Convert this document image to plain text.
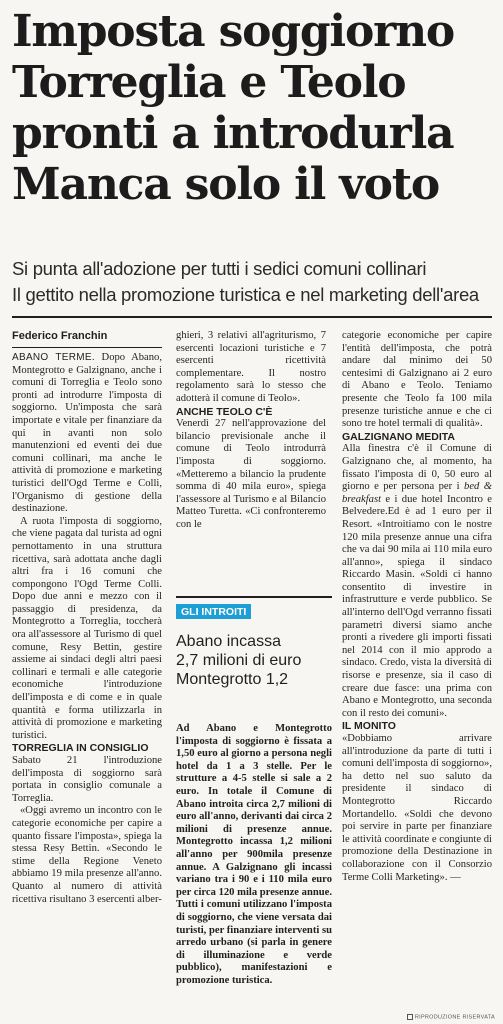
Imposta soggiorno
Torreglia e Teolo
pronti a introdurla
Manca solo il voto
Si punta all'adozione per tutti i sedici comuni collinari
Il gettito nella promozione turistica e nel marketing dell'area
Federico Franchin

ABANO TERME. Dopo Abano, Montegrotto e Galzignano, anche i comuni di Torreglia e Teolo sono pronti ad introdurre l'imposta di soggiorno. Un'imposta che sarà importate e vitale per finanziare da qui in avanti non solo manutenzioni ed eventi dei due comuni collinari, ma anche le attività di promozione e marketing turistici dell'Ogd Terme e Colli, l'Organismo di gestione della destinazione.

A ruota l'imposta di soggiorno, che viene pagata dal turista ad ogni pernottamento in una struttura ricettiva, sarà adottata anche dagli altri fra i 16 comuni che compongono l'Ogd Terme Colli. Dopo due anni e mezzo con il passaggio di presidenza, da Montegrotto a Torreglia, toccherà ora all'assessore al Turismo di quel comune, Resy Bettin, gestire assieme ai sindaci degli altri paesi collinari e termali e alle categorie economiche l'introduzione dell'imposta e di come e in quale quantità e forma utilizzarla in attività di promozione e marketing turistici.

TORREGLIA IN CONSIGLIO

Sabato 21 l'introduzione dell'imposta di soggiorno sarà portata in consiglio comunale a Torreglia.

«Oggi avremo un incontro con le categorie economiche per capire a quanto fissare l'imposta», spiega la stessa Resy Bettin. «Secondo le stime della Regione Veneto abbiamo 19 mila presenze all'anno. Quanto al numero di attività ricettiva risultano 3 esercenti alber-

ghieri, 3 relativi all'agriturismo, 7 esercenti locazioni turistiche e 7 esercenti ricettività complementare. Il nostro regolamento sarà lo stesso che adotterà il comune di Teolo».

ANCHE TEOLO C'È

Venerdì 27 nell'approvazione del bilancio previsionale anche il comune di Teolo introdurrà l'imposta di soggiorno. «Metteremo a bilancio la prudente somma di 40 mila euro», spiega l'assessore al Turismo e al Bilancio Matteo Turetta. «Ci confronteremo con le

GLI INTROITI
Abano incassa
2,7 milioni di euro
Montegrotto 1,2

Ad Abano e Montegrotto l'imposta di soggiorno è fissata a 1,50 euro al giorno a persona negli hotel da 1 a 3 stelle. Per le strutture a 4-5 stelle si sale a 2 euro. In totale il Comune di Abano introita circa 2,7 milioni di euro all'anno, derivanti dai circa 2 milioni di presenze annue. Montegrotto incassa 1,2 milioni all'anno per 900mila presenze annue. A Galzignano gli incassi variano tra i 90 e i 110 mila euro per circa 120 mila presenze annue. Tutti i comuni utilizzano l'imposta di soggiorno, che viene versata dai turisti, per finanziare interventi su arredo urbano (si parla in genere di illuminazione e verde pubblico), manifestazioni e promozione turistica.

categorie economiche per capire l'entità dell'imposta, che potrà andare dal minimo dei 50 centesimi di Galzignano ai 2 euro di Abano e Teolo. Teniamo presente che Teolo fa 100 mila presenze turistiche annue e che ci sono tre hotel termali di qualità».

GALZIGNANO MEDITA

Alla finestra c'è il Comune di Galzignano che, al momento, ha fissato l'imposta di 0, 50 euro al giorno e per persona per i bed & breakfast e i due hotel Incontro e Belvedere.Ed è ad 1 euro per il Resort. «Introitiamo con le nostre 120 mila presenze annue una cifra che va dai 90 mila ai 110 mila euro all'anno», spiega il sindaco Riccardo Masin. «Soldi ci hanno consentito di investire in infrastrutture e verde pubblico. Se all'interno dell'Ogd verranno fissati parametri diversi siamo anche pronti a rivedere gli importi fissati nel 2014 con il mio approdo a sindaco. Credo, vista la diversità di risorse e presenze, sia il caso di creare due fasce: una prima con Abano e Montegrotto, una seconda con il resto dei comuni».

IL MONITO

«Dobbiamo arrivare all'introduzione da parte di tutti i comuni dell'imposta di soggiorno», ha detto nel suo saluto da presidente il sindaco di Montegrotto Riccardo Mortandello. «Soldi che devono poi servire in parte per finanziare le attività coordinate e congiunte di promozione della Destinazione in collaborazione con il Consorzio Terme Colli Marketing». —

RIPRODUZIONE RISERVATA
